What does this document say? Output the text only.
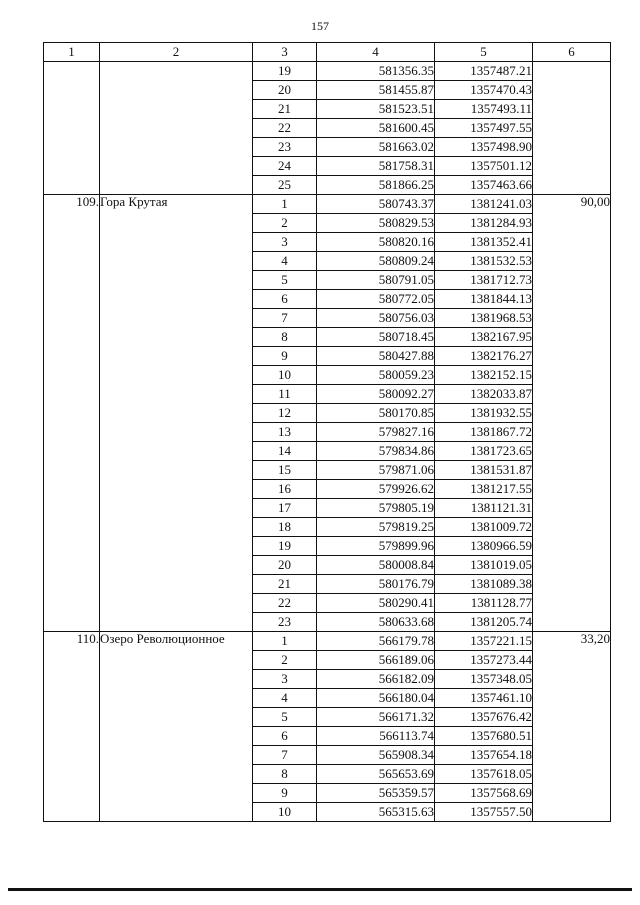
157
1	2	3	4	5	6
		19	581356.35	1357487.21	
		20	581455.87	1357470.43	
		21	581523.51	1357493.11	
		22	581600.45	1357497.55	
		23	581663.02	1357498.90	
		24	581758.31	1357501.12	
		25	581866.25	1357463.66	
109.	Гора Крутая	1	580743.37	1381241.03	90,00
		2	580829.53	1381284.93	
		3	580820.16	1381352.41	
		4	580809.24	1381532.53	
		5	580791.05	1381712.73	
		6	580772.05	1381844.13	
		7	580756.03	1381968.53	
		8	580718.45	1382167.95	
		9	580427.88	1382176.27	
		10	580059.23	1382152.15	
		11	580092.27	1382033.87	
		12	580170.85	1381932.55	
		13	579827.16	1381867.72	
		14	579834.86	1381723.65	
		15	579871.06	1381531.87	
		16	579926.62	1381217.55	
		17	579805.19	1381121.31	
		18	579819.25	1381009.72	
		19	579899.96	1380966.59	
		20	580008.84	1381019.05	
		21	580176.79	1381089.38	
		22	580290.41	1381128.77	
		23	580633.68	1381205.74	
110.	Озеро Революционное	1	566179.78	1357221.15	33,20
		2	566189.06	1357273.44	
		3	566182.09	1357348.05	
		4	566180.04	1357461.10	
		5	566171.32	1357676.42	
		6	566113.74	1357680.51	
		7	565908.34	1357654.18	
		8	565653.69	1357618.05	
		9	565359.57	1357568.69	
		10	565315.63	1357557.50	
